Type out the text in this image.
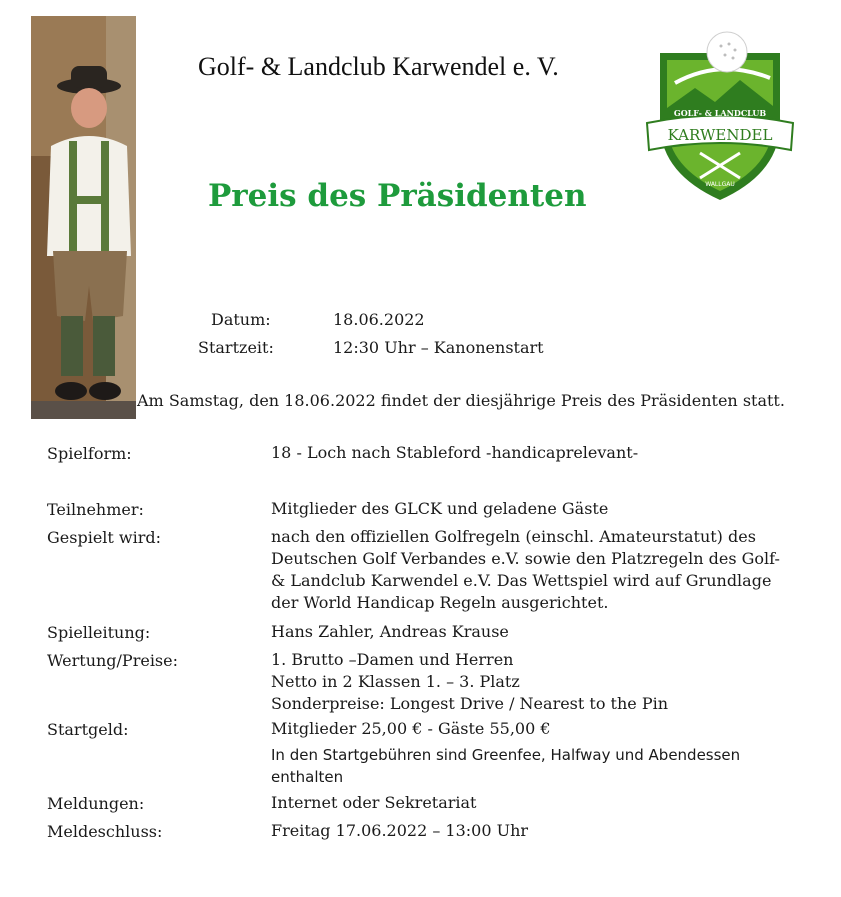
Golf- & Landclub Karwendel e. V.
Preis des Präsidenten
GOLF- & LANDCLUB
KARWENDEL
WALLGAU
Datum:	18.06.2022
Startzeit:	12:30 Uhr – Kanonenstart
Am Samstag, den 18.06.2022 findet der diesjährige Preis des Präsidenten statt.
Spielform:	18 - Loch nach Stableford -handicaprelevant-
Teilnehmer:	Mitglieder des GLCK und geladene Gäste
Gespielt wird:	nach den offiziellen Golfregeln (einschl. Amateurstatut) des
Deutschen Golf Verbandes e.V. sowie den Platzregeln des Golf-
& Landclub Karwendel e.V. Das Wettspiel wird auf Grundlage
der World Handicap Regeln ausgerichtet.
Spielleitung:	Hans Zahler, Andreas Krause
Wertung/Preise:	1. Brutto –Damen und Herren
Netto in 2 Klassen 1. – 3. Platz
Sonderpreise: Longest Drive / Nearest to the Pin
Startgeld:	Mitglieder 25,00 € - Gäste 55,00 €
In den Startgebühren sind Greenfee, Halfway und Abendessen
enthalten
Meldungen:	Internet oder Sekretariat
Meldeschluss:	Freitag 17.06.2022 – 13:00 Uhr
